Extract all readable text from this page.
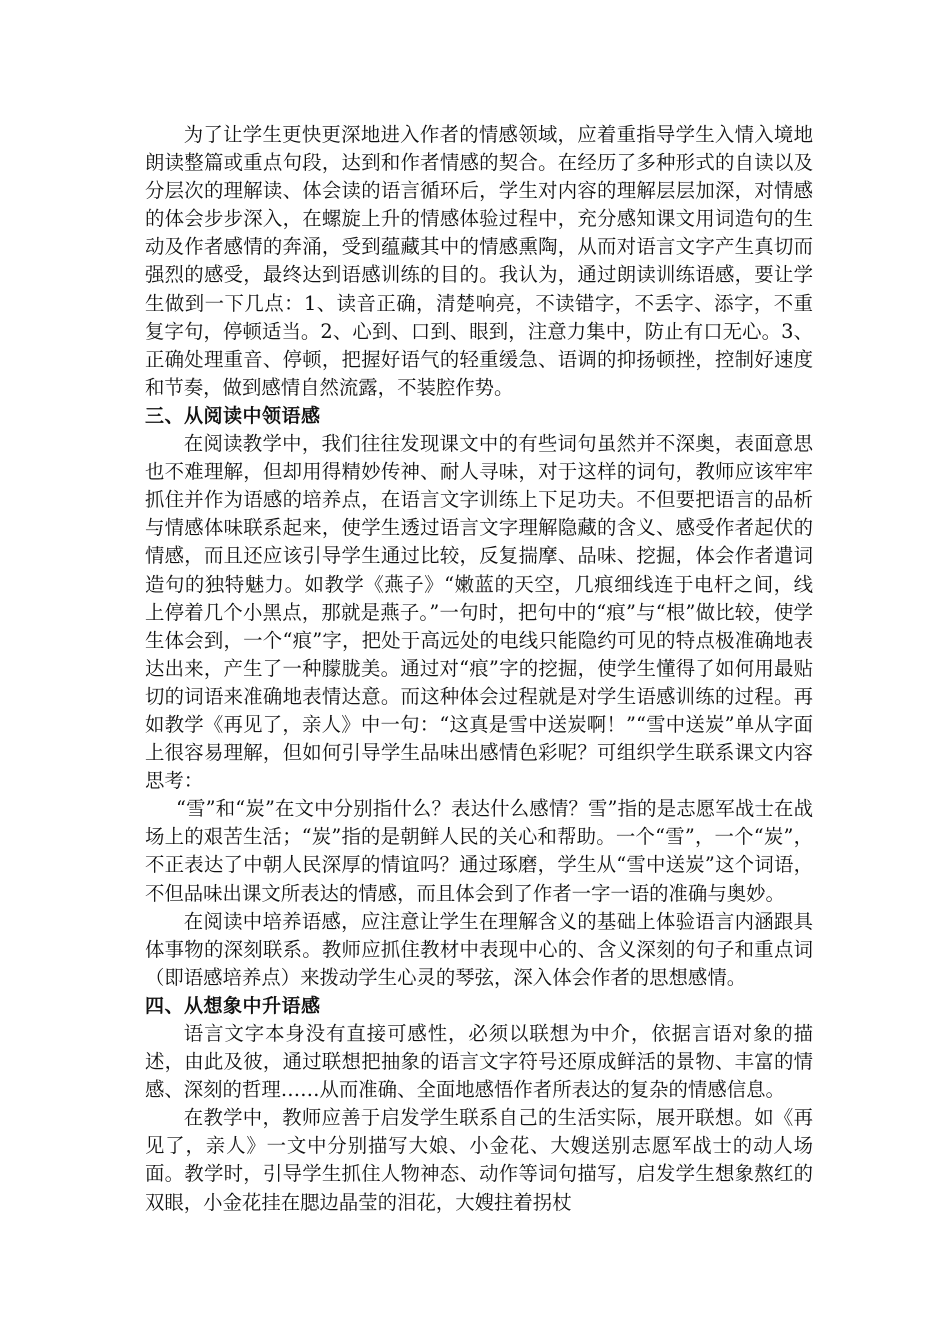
为了让学生更快更深地进入作者的情感领域，应着重指导学生入情入境地朗读整篇或重点句段，达到和作者情感的契合。在经历了多种形式的自读以及分层次的理解读、体会读的语言循环后，学生对内容的理解层层加深，对情感的体会步步深入，在螺旋上升的情感体验过程中，充分感知课文用词造句的生动及作者感情的奔涌，受到蕴藏其中的情感熏陶，从而对语言文字产生真切而强烈的感受，最终达到语感训练的目的。我认为，通过朗读训练语感，要让学生做到一下几点：1、读音正确，清楚响亮，不读错字，不丢字、添字，不重复字句，停顿适当。2、心到、口到、眼到，注意力集中，防止有口无心。3、正确处理重音、停顿，把握好语气的轻重缓急、语调的抑扬顿挫，控制好速度和节奏，做到感情自然流露，不装腔作势。

三、从阅读中领语感

在阅读教学中，我们往往发现课文中的有些词句虽然并不深奥，表面意思也不难理解，但却用得精妙传神、耐人寻味，对于这样的词句，教师应该牢牢抓住并作为语感的培养点，在语言文字训练上下足功夫。不但要把语言的品析与情感体味联系起来，使学生透过语言文字理解隐藏的含义、感受作者起伏的情感，而且还应该引导学生通过比较，反复揣摩、品味、挖掘，体会作者遣词造句的独特魅力。如教学《燕子》“嫩蓝的天空，几痕细线连于电杆之间，线上停着几个小黑点，那就是燕子。”一句时，把句中的“痕”与“根”做比较，使学生体会到，一个“痕”字，把处于高远处的电线只能隐约可见的特点极准确地表达出来，产生了一种朦胧美。通过对“痕”字的挖掘，使学生懂得了如何用最贴切的词语来准确地表情达意。而这种体会过程就是对学生语感训练的过程。再如教学《再见了，亲人》中一句：“这真是雪中送炭啊！”“雪中送炭”单从字面上很容易理解，但如何引导学生品味出感情色彩呢？可组织学生联系课文内容思考：

“雪”和“炭”在文中分别指什么？表达什么感情？雪”指的是志愿军战士在战场上的艰苦生活；“炭”指的是朝鲜人民的关心和帮助。一个“雪”，一个“炭”，不正表达了中朝人民深厚的情谊吗？通过琢磨，学生从“雪中送炭”这个词语，不但品味出课文所表达的情感，而且体会到了作者一字一语的准确与奥妙。

在阅读中培养语感，应注意让学生在理解含义的基础上体验语言内涵跟具体事物的深刻联系。教师应抓住教材中表现中心的、含义深刻的句子和重点词（即语感培养点）来拨动学生心灵的琴弦，深入体会作者的思想感情。

四、从想象中升语感

语言文字本身没有直接可感性，必须以联想为中介，依据言语对象的描述，由此及彼，通过联想把抽象的语言文字符号还原成鲜活的景物、丰富的情感、深刻的哲理……从而准确、全面地感悟作者所表达的复杂的情感信息。

在教学中，教师应善于启发学生联系自己的生活实际，展开联想。如《再见了，亲人》一文中分别描写大娘、小金花、大嫂送别志愿军战士的动人场面。教学时，引导学生抓住人物神态、动作等词句描写，启发学生想象熬红的双眼，小金花挂在腮边晶莹的泪花，大嫂拄着拐杖
